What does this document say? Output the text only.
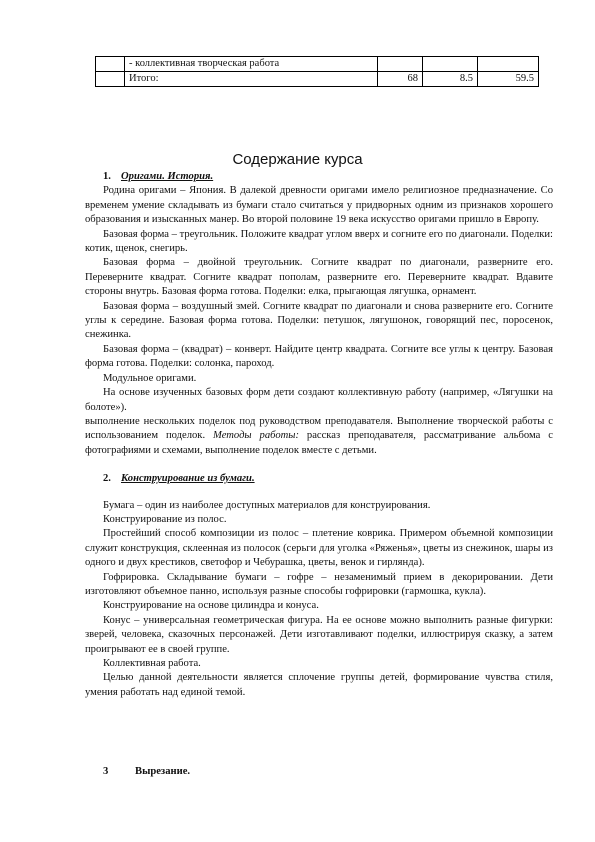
	- коллективная творческая работа			
	Итого:	68	8.5	59.5
Содержание курса

1. Оригами. История.

Родина оригами – Япония. В далекой древности оригами имело религиозное предназначение. Со временем умение складывать из бумаги стало считаться у придворных одним из признаков хорошего образования и изысканных манер. Во второй половине 19 века искусство оригами пришло в Европу.

Базовая форма – треугольник. Положите квадрат углом вверх и согните его по диагонали. Поделки: котик, щенок, снегирь.

Базовая форма – двойной треугольник. Согните квадрат по диагонали, разверните его. Переверните квадрат. Согните квадрат пополам, разверните его. Переверните квадрат. Вдавите стороны внутрь. Базовая форма готова. Поделки: елка, прыгающая лягушка, орнамент.

Базовая форма – воздушный змей. Согните квадрат по диагонали и снова разверните его. Согните углы к середине. Базовая форма готова. Поделки: петушок, лягушонок, говорящий пес, поросенок, снежинка.

Базовая форма – (квадрат) – конверт. Найдите центр квадрата. Согните все углы к центру. Базовая форма готова. Поделки: солонка, пароход.

Модульное оригами.

На основе изученных базовых форм дети создают коллективную работу (например, «Лягушки на болоте»).

выполнение нескольких поделок под руководством преподавателя. Выполнение творческой работы с использованием поделок. Методы работы: рассказ преподавателя, рассматривание альбома с фотографиями и схемами, выполнение поделок вместе с детьми.

2. Конструирование из бумаги.

Бумага – один из наиболее доступных материалов для конструирования.

Конструирование из полос.

Простейший способ композиции из полос – плетение коврика. Примером объемной композиции служит конструкция, склеенная из полосок (серьги для уголка «Ряженья», цветы из снежинок, шары из одного и двух крестиков, светофор и Чебурашка, цветы, венок и гирлянда).

Гофрировка. Складывание бумаги – гофре – незаменимый прием в декорировании. Дети изготовляют объемное панно, используя разные способы гофрировки (гармошка, кукла).

Конструирование на основе цилиндра и конуса.

Конус – универсальная геометрическая фигура. На ее основе можно выполнить разные фигурки: зверей, человека, сказочных персонажей. Дети изготавливают поделки, иллюстрируя сказку, а затем проигрывают ее в своей группе.

Коллективная работа.

Целью данной деятельности является сплочение группы детей, формирование чувства стиля, умения работать над единой темой.

3	Вырезание.
